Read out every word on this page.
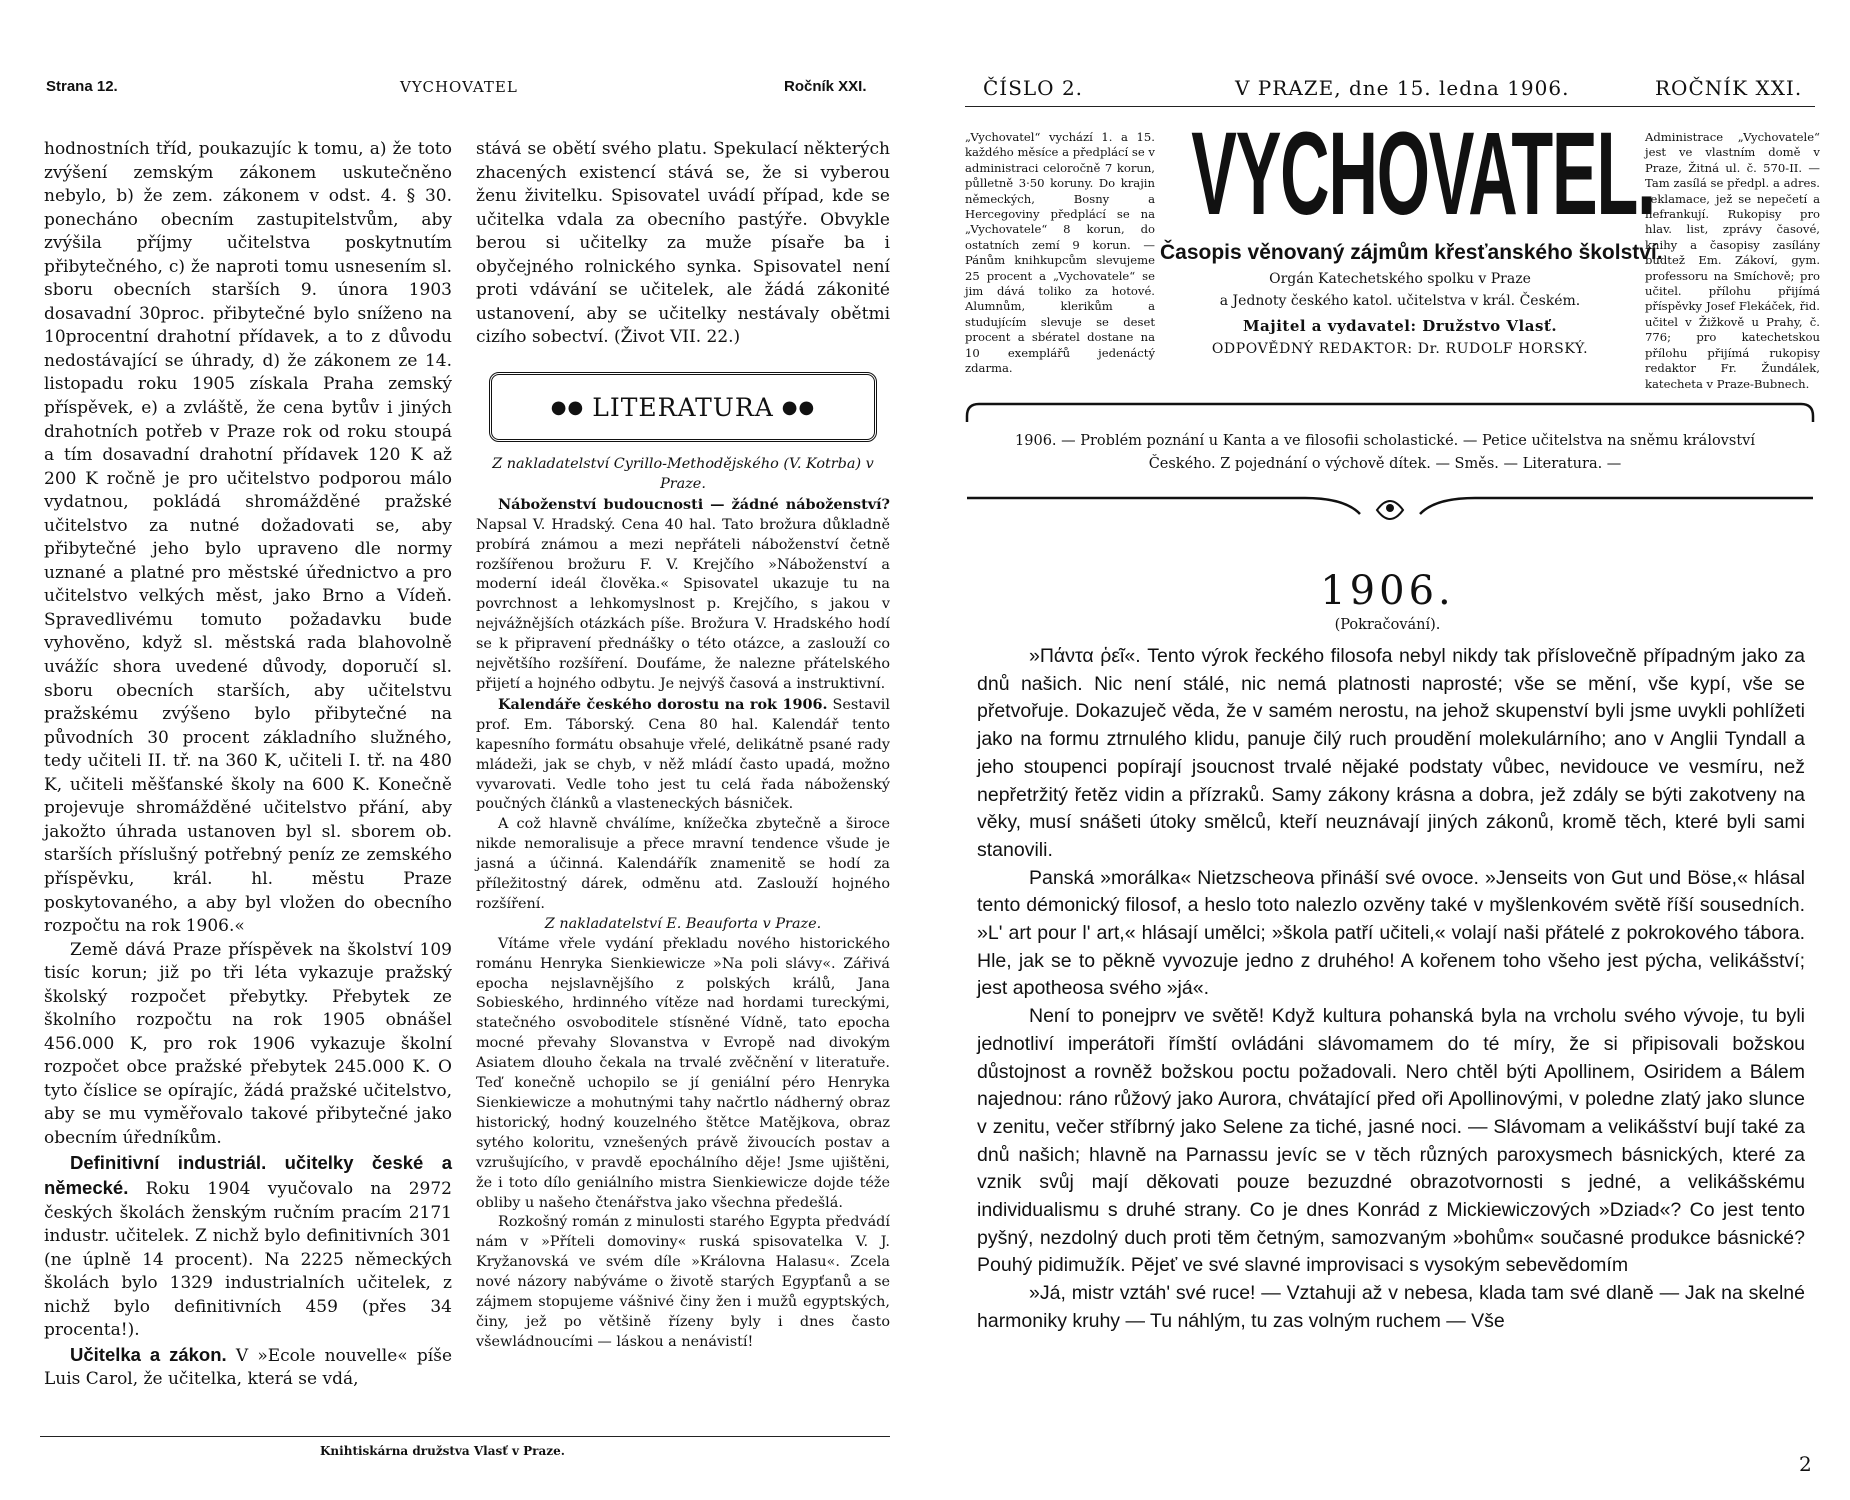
Strana 12.	VYCHOVATEL	Ročník XXI.

hodnostních tříd, poukazujíc k tomu, a) že toto zvýšení zemským zákonem uskutečněno nebylo, b) že zem. zákonem v odst. 4. § 30. ponecháno obecním zastupitelstvům, aby zvýšila příjmy učitelstva poskytnutím přibytečného, c) že naproti tomu usnesením sl. sboru obecních starších 9. února 1903 dosavadní 30proc. přibytečné bylo sníženo na 10procentní drahotní přídavek, a to z důvodu nedostávající se úhrady, d) že zákonem ze 14. listopadu roku 1905 získala Praha zemský příspěvek, e) a zvláště, že cena bytův i jiných drahotních potřeb v Praze rok od roku stoupá a tím dosavadní drahotní přídavek 120 K až 200 K ročně je pro učitelstvo podporou málo vydatnou, pokládá shromážděné pražské učitelstvo za nutné dožadovati se, aby přibytečné jeho bylo upraveno dle normy uznané a platné pro městské úřednictvo a pro učitelstvo velkých měst, jako Brno a Vídeň. Spravedlivému tomuto požadavku bude vyhověno, když sl. městská rada blahovolně uvážíc shora uvedené důvody, doporučí sl. sboru obecních starších, aby učitelstvu pražskému zvýšeno bylo přibytečné na původních 30 procent základního služného, tedy učiteli II. tř. na 360 K, učiteli I. tř. na 480 K, učiteli měšťanské školy na 600 K. Konečně projevuje shromážděné učitelstvo přání, aby jakožto úhrada ustanoven byl sl. sborem ob. starších příslušný potřebný peníz ze zemského příspěvku, král. hl. městu Praze poskytovaného, a aby byl vložen do obecního rozpočtu na rok 1906.«

Země dává Praze příspěvek na školství 109 tisíc korun; již po tři léta vykazuje pražský školský rozpočet přebytky. Přebytek ze školního rozpočtu na rok 1905 obnášel 456.000 K, pro rok 1906 vykazuje školní rozpočet obce pražské přebytek 245.000 K. O tyto číslice se opírajíc, žádá pražské učitelstvo, aby se mu vyměřovalo takové přibytečné jako obecním úředníkům.

Definitivní industriál. učitelky české a německé. Roku 1904 vyučovalo na 2972 českých školách ženským ručním pracím 2171 industr. učitelek. Z nichž bylo definitivních 301 (ne úplně 14 procent). Na 2225 německých školách bylo 1329 industrialních učitelek, z nichž bylo definitivních 459 (přes 34 procenta!).

Učitelka a zákon. V »Ecole nouvelle« píše Luis Carol, že učitelka, která se vdá,

stává se obětí svého platu. Spekulací některých zhacených existencí stává se, že si vyberou ženu živitelku. Spisovatel uvádí případ, kde se učitelka vdala za obecního pastýře. Obvykle berou si učitelky za muže písaře ba i obyčejného rolnického synka. Spisovatel není proti vdávání se učitelek, ale žádá zákonité ustanovení, aby se učitelky nestávaly obětmi cizího sobectví. (Život VII. 22.)

●● LITERATURA ●●

Z nakladatelství Cyrillo-Methodějského (V. Kotrba) v Praze.

Náboženství budoucnosti — žádné náboženství? Napsal V. Hradský. Cena 40 hal. Tato brožura důkladně probírá známou a mezi nepřáteli náboženství četně rozšířenou brožuru F. V. Krejčího »Náboženství a moderní ideál člověka.« Spisovatel ukazuje tu na povrchnost a lehkomyslnost p. Krejčího, s jakou v nejvážnějších otázkách píše. Brožura V. Hradského hodí se k připravení přednášky o této otázce, a zaslouží co největšího rozšíření. Doufáme, že nalezne přátelského přijetí a hojného odbytu. Je nejvýš časová a instruktivní.

Kalendáře českého dorostu na rok 1906. Sestavil prof. Em. Táborský. Cena 80 hal. Kalendář tento kapesního formátu obsahuje vřelé, delikátně psané rady mládeži, jak se chyb, v něž mládí často upadá, možno vyvarovati. Vedle toho jest tu celá řada náboženský poučných článků a vlasteneckých básniček.

A což hlavně chválíme, knížečka zbytečně a široce nikde nemoralisuje a přece mravní tendence všude je jasná a účinná. Kalendářík znamenitě se hodí za příležitostný dárek, odměnu atd. Zaslouží hojného rozšíření.

Z nakladatelství E. Beauforta v Praze.

Vítáme vřele vydání překladu nového historického románu Henryka Sienkiewicze »Na poli slávy«. Zářivá epocha nejslavnějšího z polských králů, Jana Sobieského, hrdinného vítěze nad hordami tureckými, statečného osvoboditele stísněné Vídně, tato epocha mocné převahy Slovanstva v Evropě nad divokým Asiatem dlouho čekala na trvalé zvěčnění v literatuře. Teď konečně uchopilo se jí geniální péro Henryka Sienkiewicze a mohutnými tahy načrtlo nádherný obraz historický, hodný kouzelného štětce Matějkova, obraz sytého koloritu, vznešených právě živoucích postav a vzrušujícího, v pravdě epochálního děje! Jsme ujištěni, že i toto dílo geniálního mistra Sienkiewicze dojde téže obliby u našeho čtenářstva jako všechna předešlá.

Rozkošný román z minulosti starého Egypta předvádí nám v »Příteli domoviny« ruská spisovatelka V. J. Kryžanovská ve svém díle »Královna Halasu«. Zcela nové názory nabýváme o životě starých Egypťanů a se zájmem stopujeme vášnivé činy žen i mužů egyptských, činy, jež po většině řízeny byly i dnes často všewládnoucími — láskou a nenávistí!

Knihtiskárna družstva Vlasť v Praze.
ČÍSLO 2.	V PRAZE, dne 15. ledna 1906.	ROČNÍK XXI.
„Vychovatel“ vychází 1. a 15. každého měsíce a předplácí se v administraci celoročně 7 korun, půlletně 3·50 koruny. Do krajin německých, Bosny a Hercegoviny předplácí se na „Vychovatele“ 8 korun, do ostatních zemí 9 korun. — Pánům knihkupcům slevujeme 25 procent a „Vychovatele“ se jim dává toliko za hotové. Alumnům, klerikům a studujícím slevuje se deset procent a sbératel dostane na 10 exemplářů jedenáctý zdarma.
Administrace „Vychovatele“ jest ve vlastním domě v Praze, Žitná ul. č. 570-II. — Tam zasílá se předpl. a adres. reklamace, jež se nepečetí a nefrankují. Rukopisy pro hlav. list, zprávy časové, knihy a časopisy zasílány budtež Em. Zákoví, gym. professoru na Smíchově; pro učitel. přílohu přijímá příspěvky Josef Flekáček, řid. učitel v Žižkově u Prahy, č. 776; pro katechetskou přílohu přijímá rukopisy redaktor Fr. Žundálek, katecheta v Praze-Bubnech.
VYCHOVATEL.
Časopis věnovaný zájmům křesťanského školství.
Orgán Katechetského spolku v Praze
a Jednoty českého katol. učitelstva v král. Českém.
Majitel a vydavatel: Družstvo Vlasť.
ODPOVĚDNÝ REDAKTOR: Dr. RUDOLF HORSKÝ.
1906. — Problém poznání u Kanta a ve filosofii scholastické. — Petice učitelstva na sněmu království Českého. Z pojednání o výchově dítek. — Směs. — Literatura. —
1906.
(Pokračování).

»Πάντα ῥεῖ«. Tento výrok řeckého filosofa nebyl nikdy tak příslovečně případným jako za dnů našich. Nic není stálé, nic nemá platnosti naprosté; vše se mění, vše kypí, vše se přetvořuje. Dokazuječ věda, že v samém nerostu, na jehož skupenství byli jsme uvykli pohlížeti jako na formu ztrnulého klidu, panuje čilý ruch proudění molekulárního; ano v Anglii Tyndall a jeho stoupenci popírají jsoucnost trvalé nějaké podstaty vůbec, nevidouce ve vesmíru, než nepřetržitý řetěz vidin a přízraků. Samy zákony krásna a dobra, jež zdály se býti zakotveny na věky, musí snášeti útoky smělců, kteří neuznávají jiných zákonů, kromě těch, které byli sami stanovili.

Panská »morálka« Nietzscheova přináší své ovoce. »Jenseits von Gut und Böse,« hlásal tento démonický filosof, a heslo toto nalezlo ozvěny také v myšlenkovém světě říší sousedních. »L' art pour l' art,« hlásají umělci; »škola patří učiteli,« volají naši přátelé z pokrokového tábora. Hle, jak se to pěkně vyvozuje jedno z druhého! A kořenem toho všeho jest pýcha, velikášství; jest apotheosa svého »já«.

Není to ponejprv ve světě! Když kultura pohanská byla na vrcholu svého vývoje, tu byli jednotliví imperátoři římští ovládáni slávomamem do té míry, že si připisovali božskou důstojnost a rovněž božskou poctu požadovali. Nero chtěl býti Apollinem, Osiridem a Bálem najednou: ráno růžový jako Aurora, chvátající před oři Apollinovými, v poledne zlatý jako slunce v zenitu, večer stříbrný jako Selene za tiché, jasné noci. — Slávomam a velikášství bují také za dnů našich; hlavně na Parnassu jevíc se v těch různých paroxysmech básnických, které za vznik svůj mají děkovati pouze bezuzdné obrazotvornosti s jedné, a velikášskému individualismu s druhé strany. Co je dnes Konrád z Mickiewiczových »Dziad«? Co jest tento pyšný, nezdolný duch proti těm četným, samozvaným »bohům« současné produkce básnické? Pouhý pidimužík. Pějeť ve své slavné improvisaci s vysokým sebevědomím

»Já, mistr vztáh' své ruce! — Vztahuji až v nebesa, klada tam své dlaně — Jak na skelné harmoniky kruhy — Tu náhlým, tu zas volným ruchem — Vše

2
